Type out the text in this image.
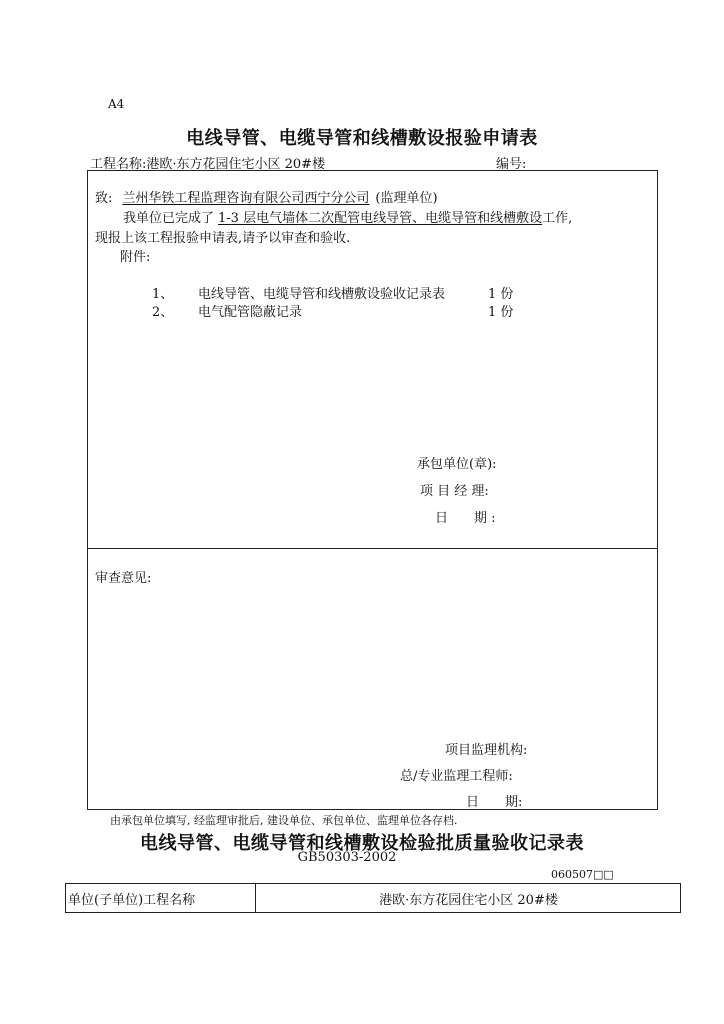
A4
电线导管、电缆导管和线槽敷设报验申请表
工程名称:港欧·东方花园住宅小区 20#楼	编号:
致: 兰州华铁工程监理咨询有限公司西宁分公司 (监理单位)
我单位已完成了 1-3 层电气墙体二次配管电线导管、电缆导管和线槽敷设工作,
现报上该工程报验申请表,请予以审查和验收.
附件:
1、 电线导管、电缆导管和线槽敷设验收记录表	1 份
2、 电气配管隐蔽记录	1 份
承包单位(章):
项 目 经 理:
日　　期 :
审查意见:
项目监理机构:
总/专业监理工程师:
日　　期:
由承包单位填写, 经监理审批后, 建设单位、承包单位、监理单位各存档.
电线导管、电缆导管和线槽敷设检验批质量验收记录表
GB50303-2002
060507□□
单位(子单位)工程名称	港欧·东方花园住宅小区 20#楼
